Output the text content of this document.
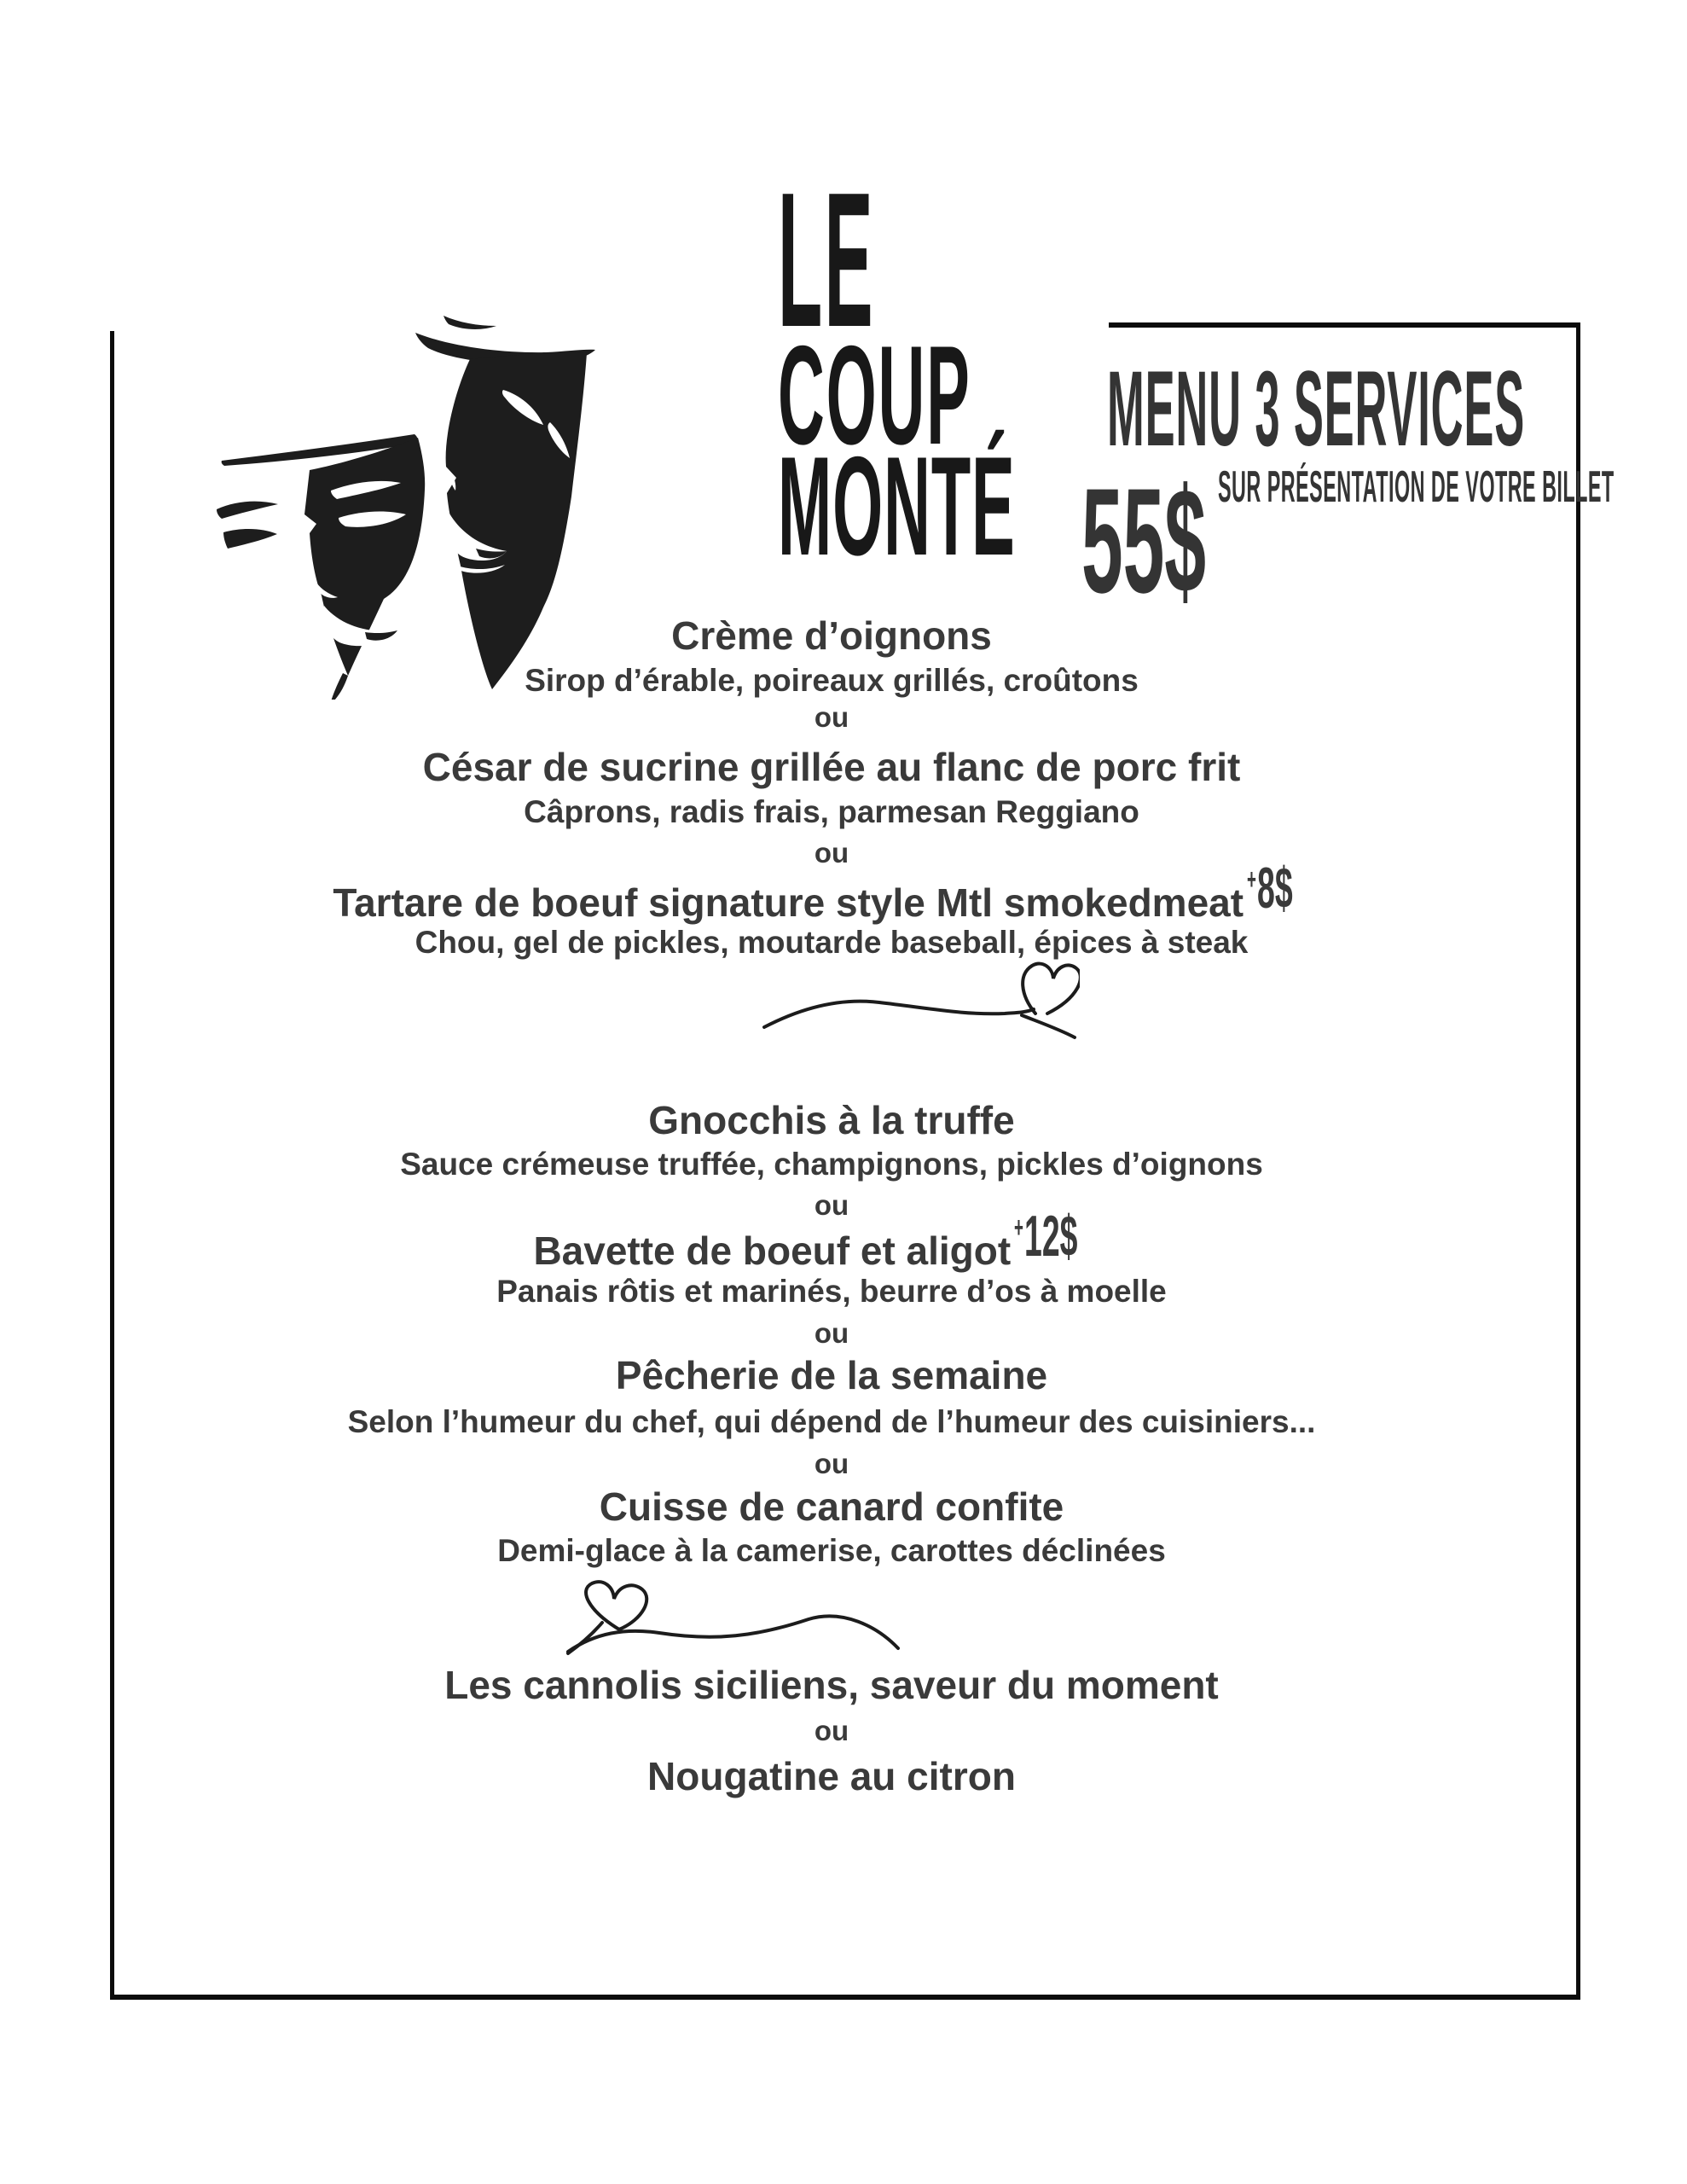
LE
COUP
MONTÉ
MENU 3 SERVICES
55$ SUR PRÉSENTATION DE VOTRE BILLET
Crème d’oignons
Sirop d’érable, poireaux grillés, croûtons
ou
César de sucrine grillée au flanc de porc frit
Câprons, radis frais, parmesan Reggiano
ou
Tartare de boeuf signature style Mtl smokedmeat+8$
Chou, gel de pickles, moutarde baseball, épices à steak
Gnocchis à la truffe
Sauce crémeuse truffée, champignons, pickles d’oignons
ou
Bavette de boeuf et aligot+12$
Panais rôtis et marinés, beurre d’os à moelle
ou
Pêcherie de la semaine
Selon l’humeur du chef, qui dépend de l’humeur des cuisiniers...
ou
Cuisse de canard confite
Demi-glace à la camerise, carottes déclinées
Les cannolis siciliens, saveur du moment
ou
Nougatine au citron
